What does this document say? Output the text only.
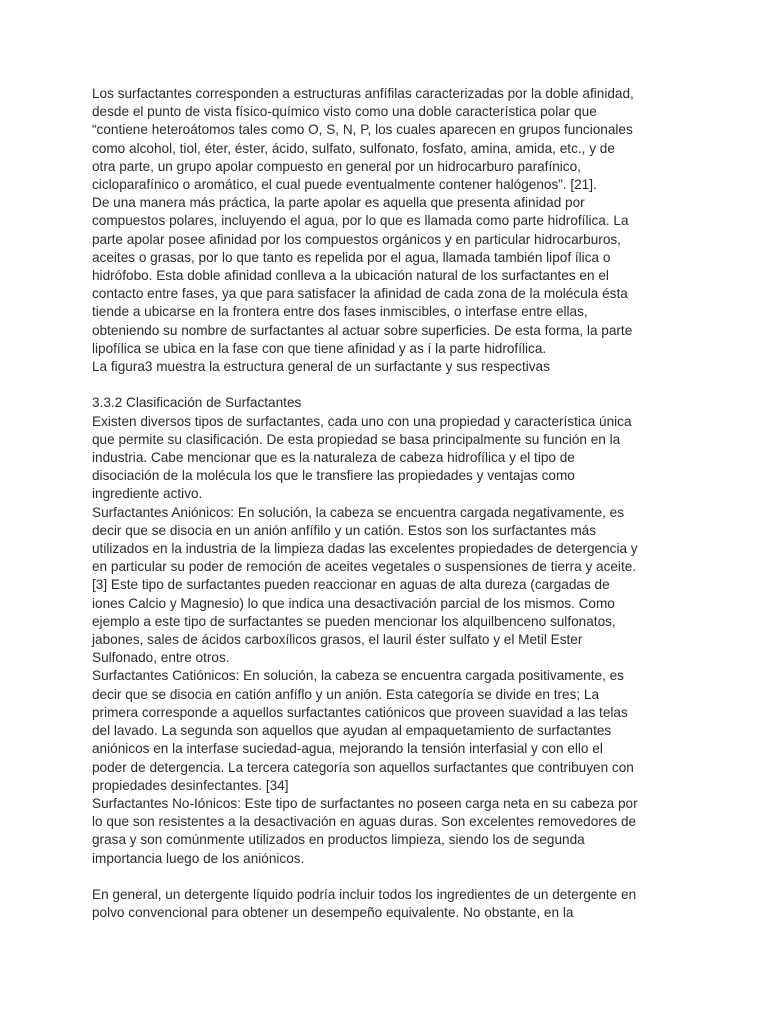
Los surfactantes corresponden a estructuras anfífilas caracterizadas por la doble afinidad,
desde el punto de vista físico-químico visto como una doble característica polar que
“contiene heteroátomos tales como O, S, N, P, los cuales aparecen en grupos funcionales
como alcohol, tiol, éter, éster, ácido, sulfato, sulfonato, fosfato, amina, amida, etc., y de
otra parte, un grupo apolar compuesto en general por un hidrocarburo parafínico,
cicloparafínico o aromático, el cual puede eventualmente contener halógenos”. [21].

De una manera más práctica, la parte apolar es aquella que presenta afinidad por
compuestos polares, incluyendo el agua, por lo que es llamada como parte hidrofílica. La
parte apolar posee afinidad por los compuestos orgánicos y en particular hidrocarburos,
aceites o grasas, por lo que tanto es repelida por el agua, llamada también lipof ílica o
hidrófobo. Esta doble afinidad conlleva a la ubicación natural de los surfactantes en el
contacto entre fases, ya que para satisfacer la afinidad de cada zona de la molécula ésta
tiende a ubicarse en la frontera entre dos fases inmiscibles, o interfase entre ellas,
obteniendo su nombre de surfactantes al actuar sobre superficies. De esta forma, la parte
lipofílica se ubica en la fase con que tiene afinidad y as í la parte hidrofílica.

La figura3 muestra la estructura general de un surfactante y sus respectivas

3.3.2 Clasificación de Surfactantes

Existen diversos tipos de surfactantes, cada uno con una propiedad y característica única
que permite su clasificación. De esta propiedad se basa principalmente su función en la
industria. Cabe mencionar que es la naturaleza de cabeza hidrofílica y el tipo de
disociación de la molécula los que le transfiere las propiedades y ventajas como
ingrediente activo.

Surfactantes Aniónicos: En solución, la cabeza se encuentra cargada negativamente, es
decir que se disocia en un anión anfífilo y un catión. Estos son los surfactantes más
utilizados en la industria de la limpieza dadas las excelentes propiedades de detergencia y
en particular su poder de remoción de aceites vegetales o suspensiones de tierra y aceite.
[3] Este tipo de surfactantes pueden reaccionar en aguas de alta dureza (cargadas de
iones Calcio y Magnesio) lo que indica una desactivación parcial de los mismos. Como
ejemplo a este tipo de surfactantes se pueden mencionar los alquilbenceno sulfonatos,
jabones, sales de ácidos carboxílicos grasos, el lauril éster sulfato y el Metil Ester
Sulfonado, entre otros.

Surfactantes Catiónicos: En solución, la cabeza se encuentra cargada positivamente, es
decir que se disocia en catión anfíflo y un anión. Esta categoría se divide en tres; La
primera corresponde a aquellos surfactantes catiónicos que proveen suavidad a las telas
del lavado. La segunda son aquellos que ayudan al empaquetamiento de surfactantes
aniónicos en la interfase suciedad-agua, mejorando la tensión interfasial y con ello el
poder de detergencia. La tercera categoría son aquellos surfactantes que contribuyen con
propiedades desinfectantes. [34]

Surfactantes No-Iónicos: Este tipo de surfactantes no poseen carga neta en su cabeza por
lo que son resistentes a la desactivación en aguas duras. Son excelentes removedores de
grasa y son comúnmente utilizados en productos limpieza, siendo los de segunda
importancia luego de los aniónicos.

En general, un detergente líquido podría incluir todos los ingredientes de un detergente en
polvo convencional para obtener un desempeño equivalente. No obstante, en la
